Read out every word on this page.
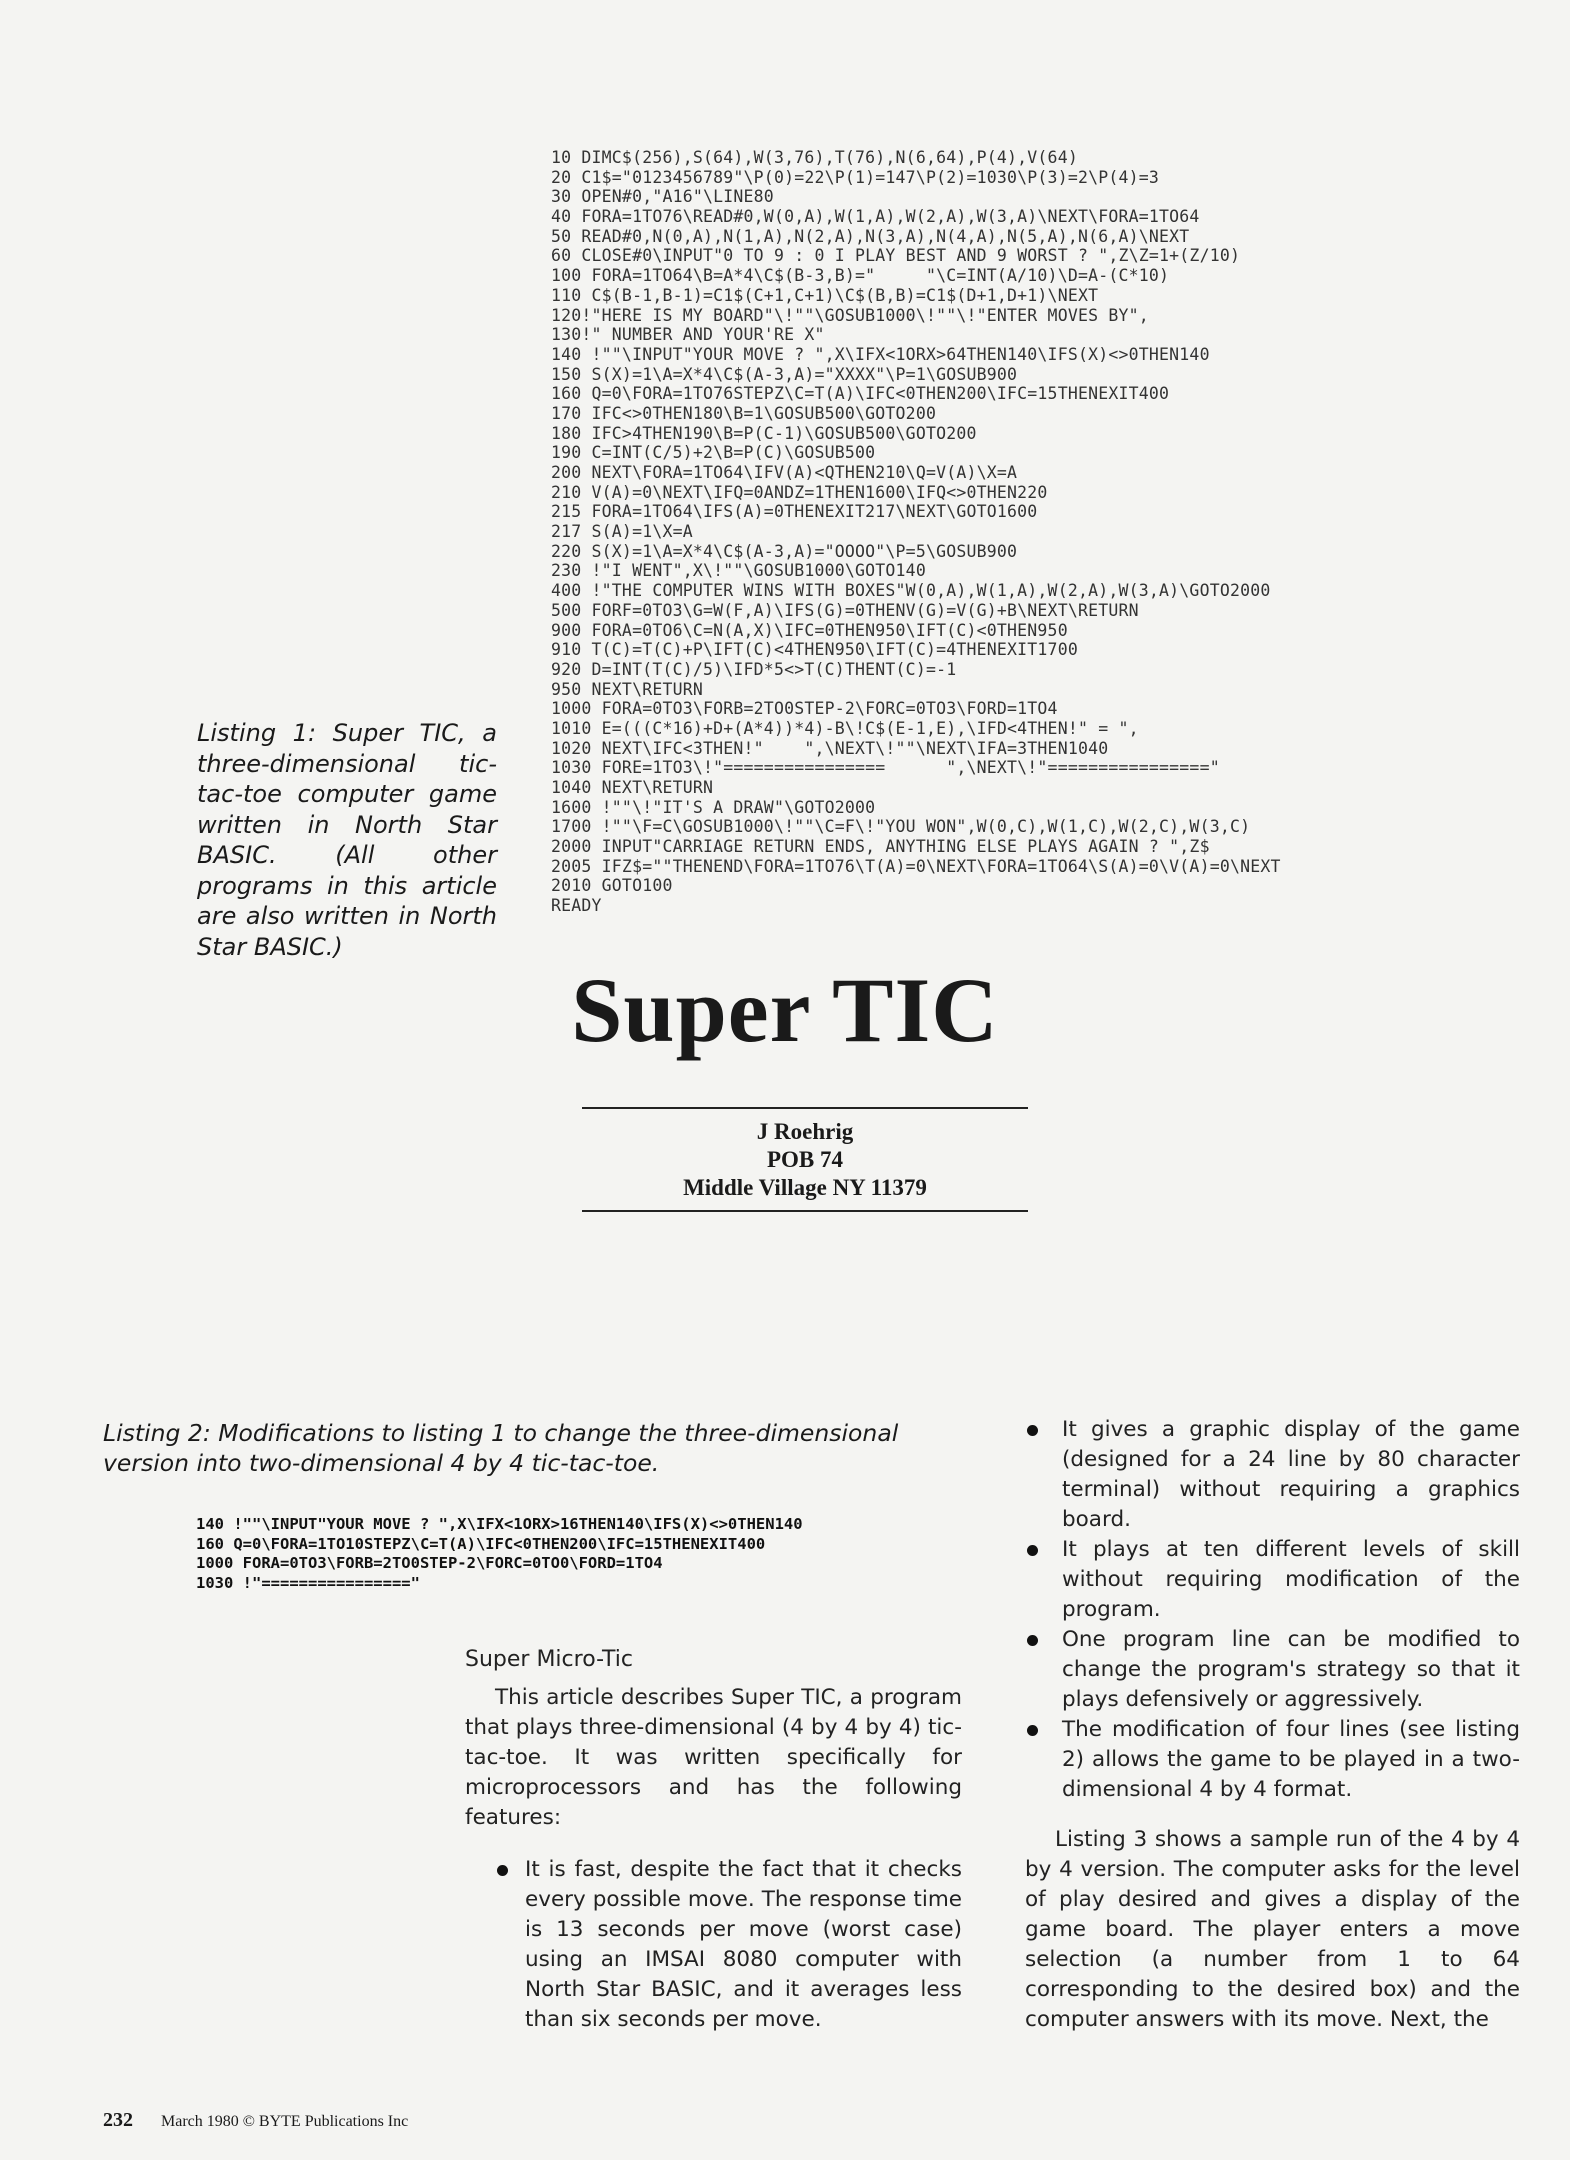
10 DIMC$(256),S(64),W(3,76),T(76),N(6,64),P(4),V(64)
20 C1$="0123456789"\P(0)=22\P(1)=147\P(2)=1030\P(3)=2\P(4)=3
30 OPEN#0,"A16"\LINE80
40 FORA=1TO76\READ#0,W(0,A),W(1,A),W(2,A),W(3,A)\NEXT\FORA=1TO64
50 READ#0,N(0,A),N(1,A),N(2,A),N(3,A),N(4,A),N(5,A),N(6,A)\NEXT
60 CLOSE#0\INPUT"0 TO 9 : 0 I PLAY BEST AND 9 WORST ? ",Z\Z=1+(Z/10)
100 FORA=1TO64\B=A*4\C$(B-3,B)="     "\C=INT(A/10)\D=A-(C*10)
110 C$(B-1,B-1)=C1$(C+1,C+1)\C$(B,B)=C1$(D+1,D+1)\NEXT
120!"HERE IS MY BOARD"\!""\GOSUB1000\!""\!"ENTER MOVES BY",
130!" NUMBER AND YOUR'RE X"
140 !""\INPUT"YOUR MOVE ? ",X\IFX<1ORX>64THEN140\IFS(X)<>0THEN140
150 S(X)=1\A=X*4\C$(A-3,A)="XXXX"\P=1\GOSUB900
160 Q=0\FORA=1TO76STEPZ\C=T(A)\IFC<0THEN200\IFC=15THENEXIT400
170 IFC<>0THEN180\B=1\GOSUB500\GOTO200
180 IFC>4THEN190\B=P(C-1)\GOSUB500\GOTO200
190 C=INT(C/5)+2\B=P(C)\GOSUB500
200 NEXT\FORA=1TO64\IFV(A)<QTHEN210\Q=V(A)\X=A
210 V(A)=0\NEXT\IFQ=0ANDZ=1THEN1600\IFQ<>0THEN220
215 FORA=1TO64\IFS(A)=0THENEXIT217\NEXT\GOTO1600
217 S(A)=1\X=A
220 S(X)=1\A=X*4\C$(A-3,A)="OOOO"\P=5\GOSUB900
230 !"I WENT",X\!""\GOSUB1000\GOTO140
400 !"THE COMPUTER WINS WITH BOXES"W(0,A),W(1,A),W(2,A),W(3,A)\GOTO2000
500 FORF=0TO3\G=W(F,A)\IFS(G)=0THENV(G)=V(G)+B\NEXT\RETURN
900 FORA=0TO6\C=N(A,X)\IFC=0THEN950\IFT(C)<0THEN950
910 T(C)=T(C)+P\IFT(C)<4THEN950\IFT(C)=4THENEXIT1700
920 D=INT(T(C)/5)\IFD*5<>T(C)THENT(C)=-1
950 NEXT\RETURN
1000 FORA=0TO3\FORB=2TO0STEP-2\FORC=0TO3\FORD=1TO4
1010 E=(((C*16)+D+(A*4))*4)-B\!C$(E-1,E),\IFD<4THEN!" = ",
1020 NEXT\IFC<3THEN!"    ",\NEXT\!""\NEXT\IFA=3THEN1040
1030 FORE=1TO3\!"================      ",\NEXT\!"================"
1040 NEXT\RETURN
1600 !""\!"IT'S A DRAW"\GOTO2000
1700 !""\F=C\GOSUB1000\!""\C=F\!"YOU WON",W(0,C),W(1,C),W(2,C),W(3,C)
2000 INPUT"CARRIAGE RETURN ENDS, ANYTHING ELSE PLAYS AGAIN ? ",Z$
2005 IFZ$=""THENEND\FORA=1TO76\T(A)=0\NEXT\FORA=1TO64\S(A)=0\V(A)=0\NEXT
2010 GOTO100
READY
Listing 1: Super TIC, a three-dimensional tic-tac-toe computer game written in North Star BASIC. (All other programs in this article are also written in North Star BASIC.)
Super TIC
J Roehrig
POB 74
Middle Village NY 11379
Listing 2: Modifications to listing 1 to change the three-dimensional version into two-dimensional 4 by 4 tic-tac-toe.
140 !""\INPUT"YOUR MOVE ? ",X\IFX<1ORX>16THEN140\IFS(X)<>0THEN140
160 Q=0\FORA=1TO10STEPZ\C=T(A)\IFC<0THEN200\IFC=15THENEXIT400
1000 FORA=0TO3\FORB=2TO0STEP-2\FORC=0TO0\FORD=1TO4
1030 !"================"
Super Micro-Tic
This article describes Super TIC, a program that plays three-dimensional (4 by 4 by 4) tic-tac-toe. It was written specifically for microprocessors and has the following features:
It is fast, despite the fact that it checks every possible move. The response time is 13 seconds per move (worst case) using an IMSAI 8080 computer with North Star BASIC, and it averages less than six seconds per move.
It gives a graphic display of the game (designed for a 24 line by 80 character terminal) without requiring a graphics board.
It plays at ten different levels of skill without requiring modification of the program.
One program line can be modified to change the program's strategy so that it plays defensively or aggressively.
The modification of four lines (see listing 2) allows the game to be played in a two-dimensional 4 by 4 format.
Listing 3 shows a sample run of the 4 by 4 by 4 version. The computer asks for the level of play desired and gives a display of the game board. The player enters a move selection (a number from 1 to 64 corresponding to the desired box) and the computer answers with its move. Next, the
232 March 1980 © BYTE Publications Inc
